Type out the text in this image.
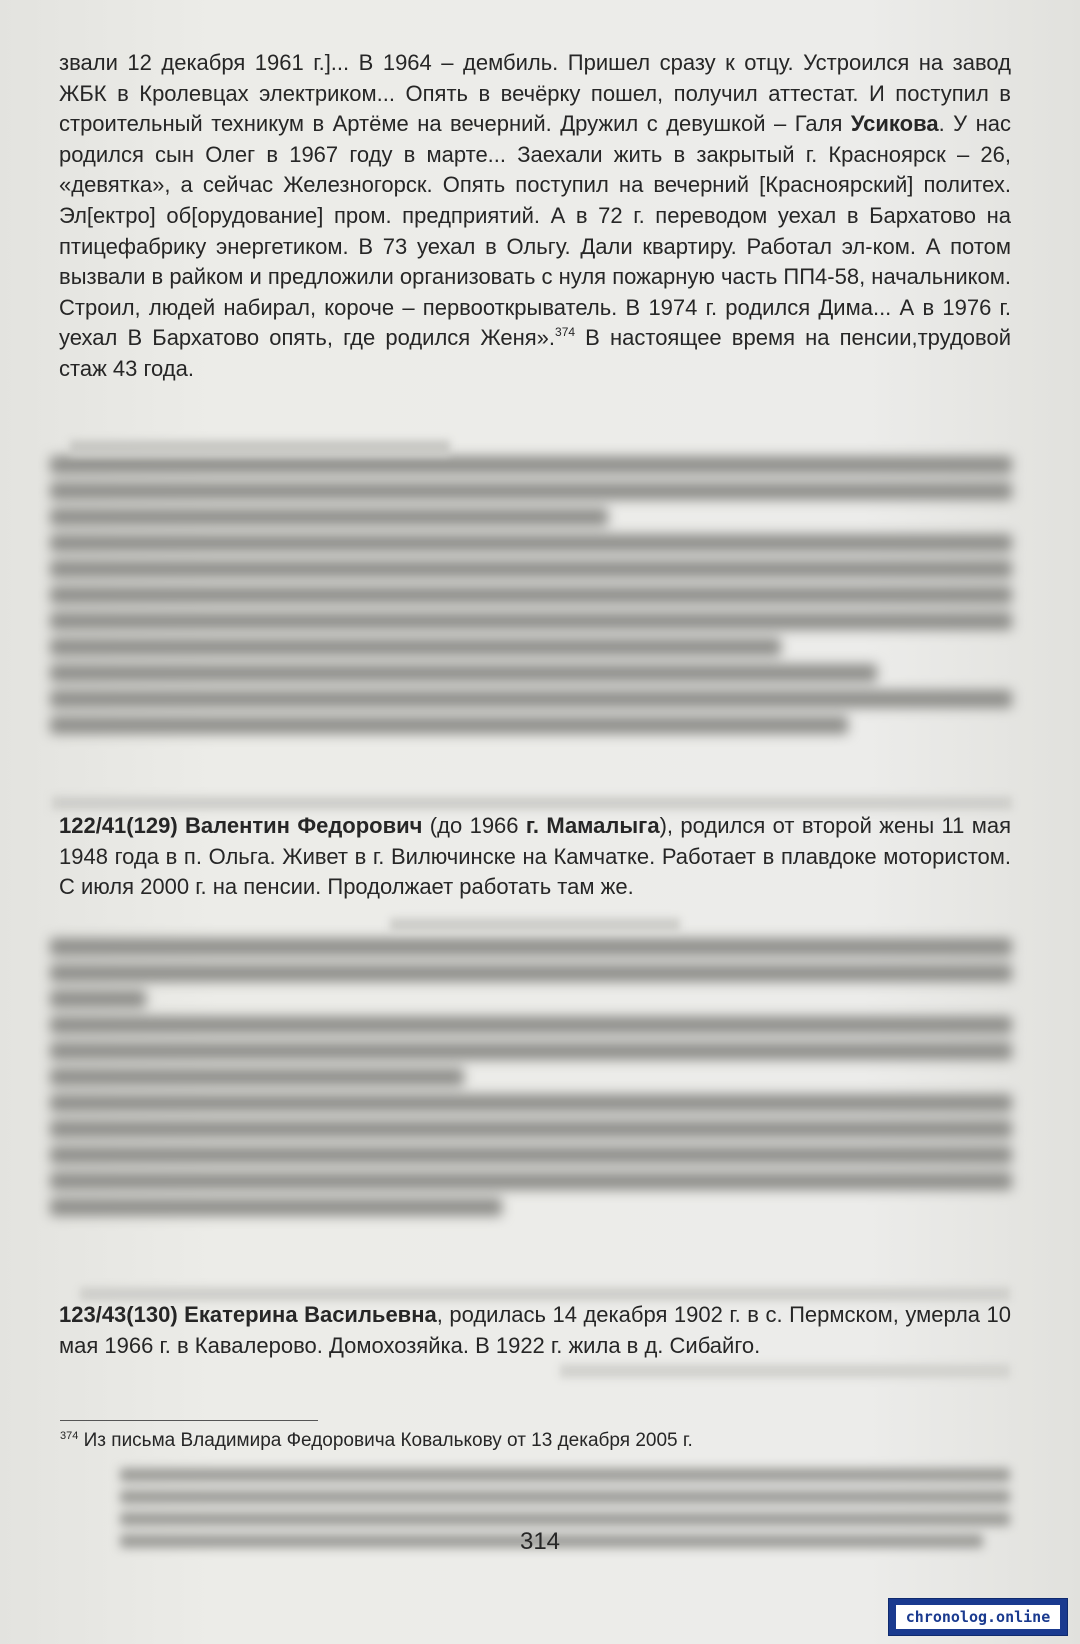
звали 12 декабря 1961 г.]... В 1964 – дембиль. Пришел сразу к отцу. Устроился на завод ЖБК в Кролевцах электриком... Опять в вечёрку пошел, получил аттестат. И поступил в строительный техникум в Артёме на вечерний. Дружил с девушкой – Галя Усикова. У нас родился сын Олег в 1967 году в марте... Заехали жить в закрытый г. Красноярск – 26, «девятка», а сейчас Железногорск. Опять поступил на вечерний [Красноярский] политех. Эл[ектро] об[орудование] пром. предприятий. А в 72 г. переводом уехал в Бархатово на птицефабрику энергетиком. В 73 уехал в Ольгу. Дали квартиру. Работал эл-ком. А потом вызвали в райком и предложили организовать с нуля пожарную часть ПП4-58, начальником. Строил, людей набирал, короче – первооткрыватель. В 1974 г. родился Дима... А в 1976 г. уехал В Бархатово опять, где родился Женя».$^{374}$ В настоящее время на пенсии,трудовой стаж 43 года.

122/41(129) Валентин Федорович (до 1966 г. Мамалыга), родился от второй жены 11 мая 1948 года в п. Ольга. Живет в г. Вилючинске на Камчатке. Работает в плавдоке мотористом. С июля 2000 г. на пенсии. Продолжает работать там же.

123/43(130) Екатерина Васильевна, родилась 14 декабря 1902 г. в с. Пермском, умерла 10 мая 1966 г. в Кавалерово. Домохозяйка. В 1922 г. жила в д. Сибайго.

$^{374}$ Из письма Владимира Федоровича Ковалькову от 13 декабря 2005 г.
314
chronolog.online
